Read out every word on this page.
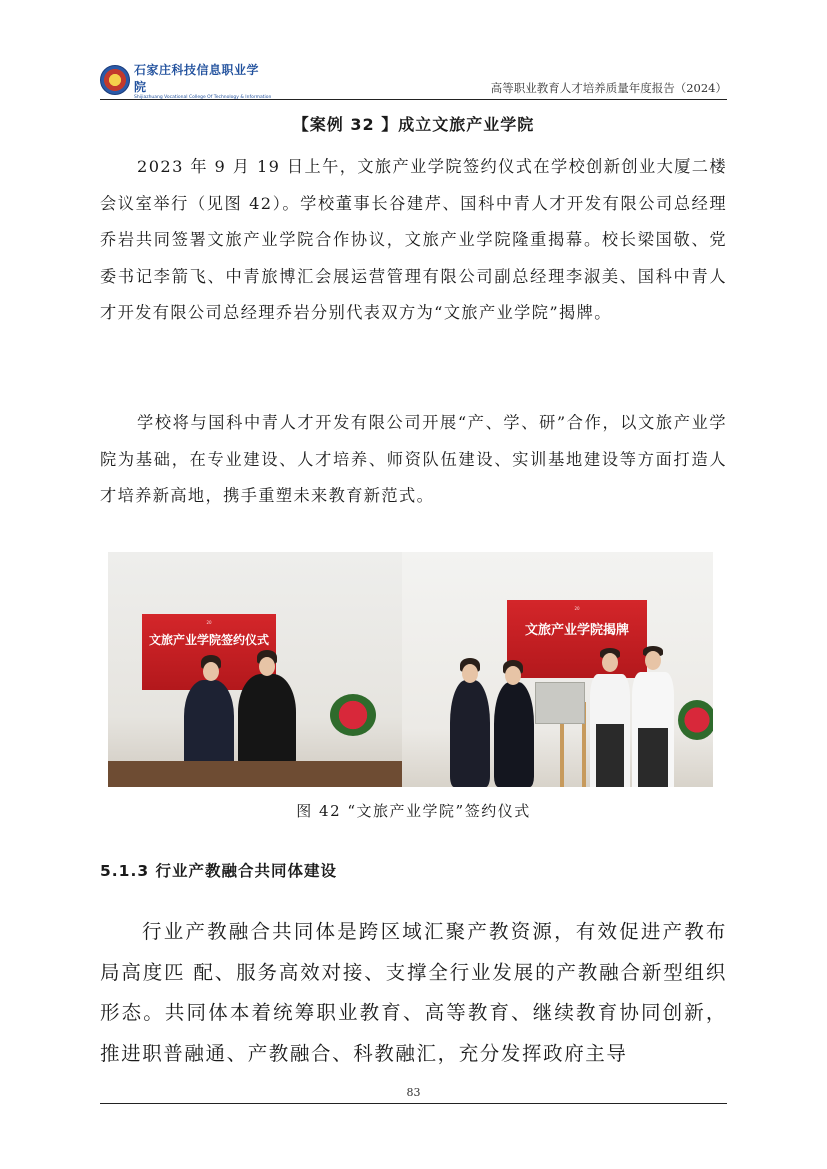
石家庄科技信息职业学院
Shijiazhuang Vocational College Of Technology & Information
高等职业教育人才培养质量年度报告（2024）
【案例 32 】成立文旅产业学院

2023 年 9 月 19 日上午，文旅产业学院签约仪式在学校创新创业大厦二楼会议室举行（见图 42）。学校董事长谷建芹、国科中青人才开发有限公司总经理乔岩共同签署文旅产业学院合作协议，文旅产业学院隆重揭幕。校长梁国敬、党委书记李箭飞、中青旅博汇会展运营管理有限公司副总经理李淑美、国科中青人才开发有限公司总经理乔岩分别代表双方为“文旅产业学院”揭牌。

学校将与国科中青人才开发有限公司开展“产、学、研”合作，以文旅产业学院为基础，在专业建设、人才培养、师资队伍建设、实训基地建设等方面打造人才培养新高地，携手重塑未来教育新范式。

20
文旅产业学院签约仪式
20
文旅产业学院揭牌
图 42 “文旅产业学院”签约仪式
5.1.3 行业产教融合共同体建设

行业产教融合共同体是跨区域汇聚产教资源，有效促进产教布局高度匹 配、服务高效对接、支撑全行业发展的产教融合新型组织形态。共同体本着统筹职业教育、高等教育、继续教育协同创新，推进职普融通、产教融合、科教融汇，充分发挥政府主导

83
